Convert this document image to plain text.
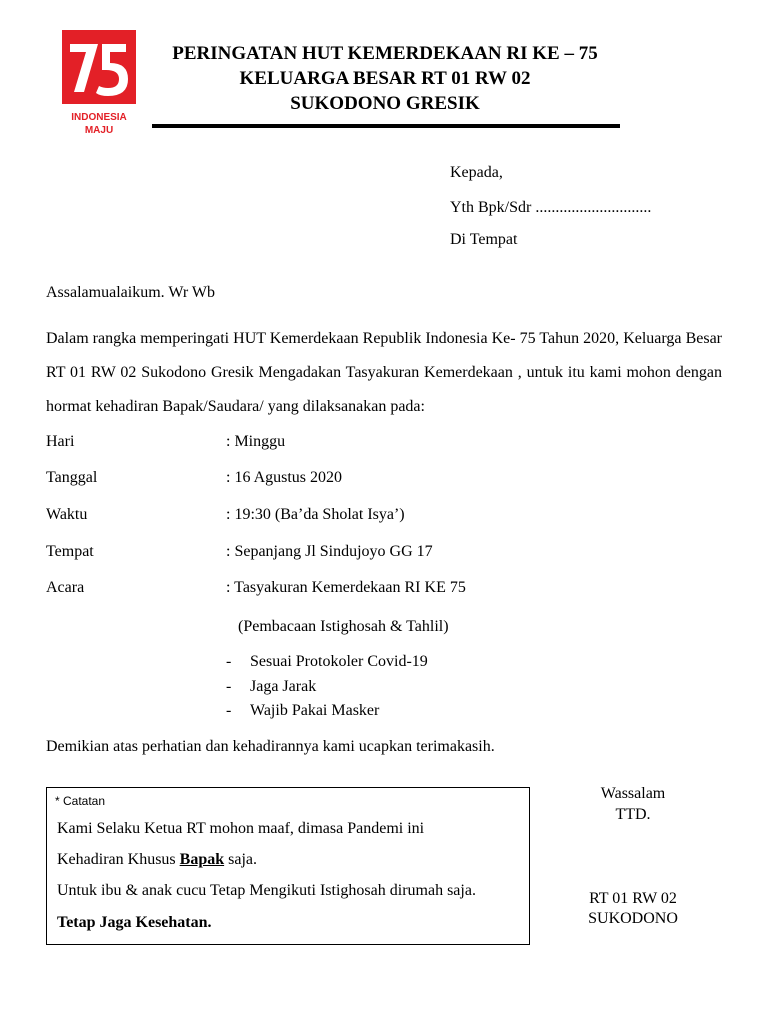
INDONESIA
MAJU
PERINGATAN HUT KEMERDEKAAN RI KE – 75
KELUARGA BESAR RT 01 RW 02
SUKODONO GRESIK
Kepada,
Yth Bpk/Sdr .............................
Di Tempat
Assalamualaikum. Wr Wb
Dalam rangka memperingati HUT Kemerdekaan Republik Indonesia Ke- 75 Tahun 2020, Keluarga Besar RT 01 RW 02 Sukodono Gresik Mengadakan Tasyakuran Kemerdekaan , untuk itu kami mohon dengan hormat kehadiran Bapak/Saudara/ yang dilaksanakan pada:
Hari	: Minggu
Tanggal	: 16 Agustus 2020
Waktu	: 19:30 (Ba’da Sholat Isya’)
Tempat	: Sepanjang Jl Sindujoyo GG 17
Acara	: Tasyakuran Kemerdekaan RI KE 75
(Pembacaan Istighosah & Tahlil)
- Sesuai Protokoler Covid-19
- Jaga Jarak
- Wajib Pakai Masker
Demikian atas perhatian dan kehadirannya kami ucapkan terimakasih.
* Catatan
Kami Selaku Ketua RT mohon maaf, dimasa Pandemi ini
Kehadiran Khusus Bapak saja.
Untuk ibu & anak cucu Tetap Mengikuti Istighosah dirumah saja.
Tetap Jaga Kesehatan.
Wassalam
TTD.
RT 01 RW 02
SUKODONO
